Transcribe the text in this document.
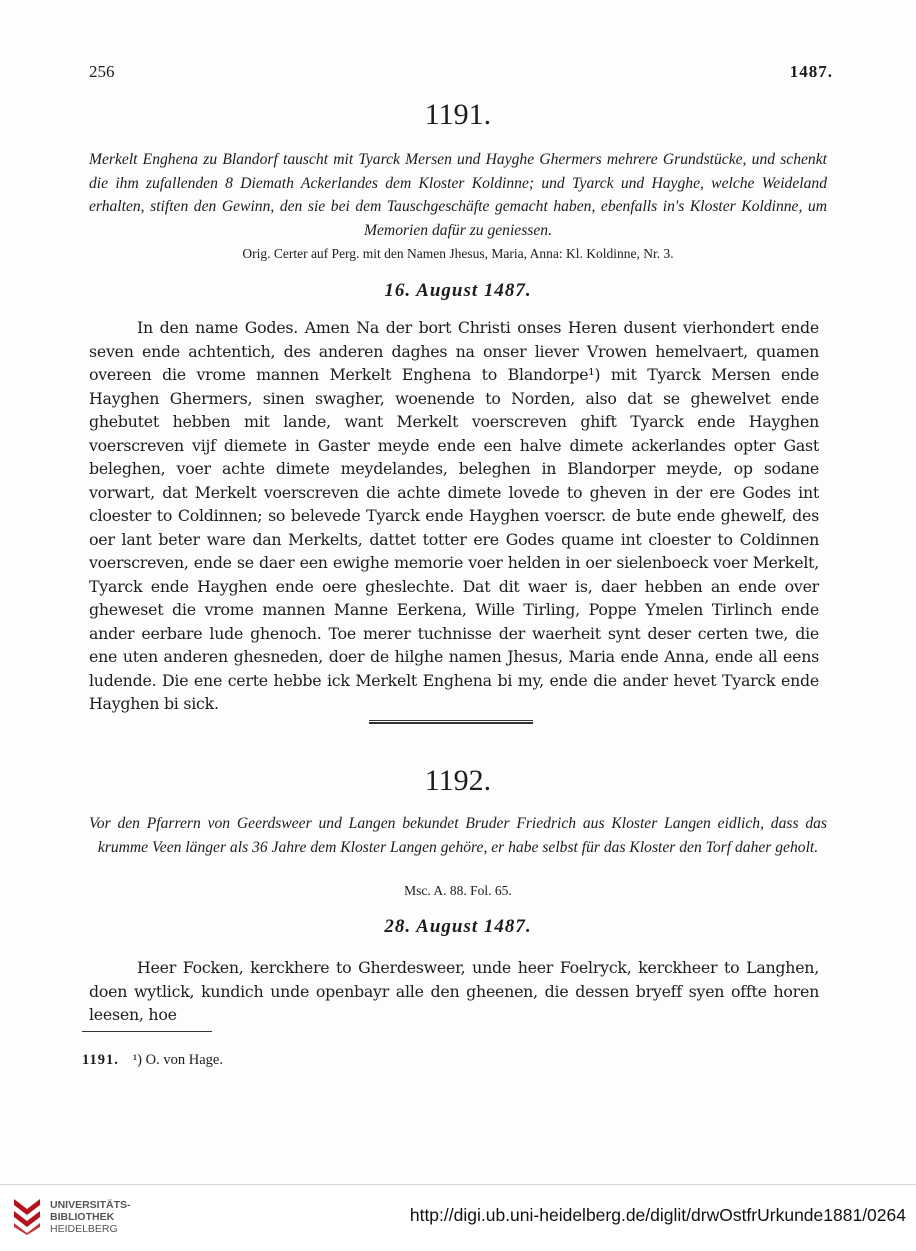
256	1487.
1191.
Merkelt Enghena zu Blandorf tauscht mit Tyarck Mersen und Hayghe Ghermers mehrere Grundstücke, und schenkt die ihm zufallenden 8 Diemath Ackerlandes dem Kloster Koldinne; und Tyarck und Hayghe, welche Weideland erhalten, stiften den Gewinn, den sie bei dem Tauschgeschäfte gemacht haben, ebenfalls in's Kloster Koldinne, um Memorien dafür zu geniessen.
Orig. Certer auf Perg. mit den Namen Jhesus, Maria, Anna: Kl. Koldinne, Nr. 3.
16. August 1487.

In den name Godes. Amen Na der bort Christi onses Heren dusent vierhondert ende seven ende achtentich, des anderen daghes na onser liever Vrowen hemelvaert, quamen overeen die vrome mannen Merkelt Enghena to Blandorpe¹) mit Tyarck Mersen ende Hayghen Ghermers, sinen swagher, woenende to Norden, also dat se ghewelvet ende ghebutet hebben mit lande, want Merkelt voerscreven ghift Tyarck ende Hayghen voerscreven vijf diemete in Gaster meyde ende een halve dimete ackerlandes opter Gast beleghen, voer achte dimete meydelandes, beleghen in Blandorper meyde, op sodane vorwart, dat Merkelt voerscreven die achte dimete lovede to gheven in der ere Godes int cloester to Coldinnen; so belevede Tyarck ende Hayghen voerscr. de bute ende ghewelf, des oer lant beter ware dan Merkelts, dattet totter ere Godes quame int cloester to Coldinnen voerscreven, ende se daer een ewighe memorie voer helden in oer sielenboeck voer Merkelt, Tyarck ende Hayghen ende oere gheslechte. Dat dit waer is, daer hebben an ende over gheweset die vrome mannen Manne Eerkena, Wille Tirling, Poppe Ymelen Tirlinch ende ander eerbare lude ghenoch. Toe merer tuchnisse der waerheit synt deser certen twe, die ene uten anderen ghesneden, doer de hilghe namen Jhesus, Maria ende Anna, ende all eens ludende. Die ene certe hebbe ick Merkelt Enghena bi my, ende die ander hevet Tyarck ende Hayghen bi sick.

1192.
Vor den Pfarrern von Geerdsweer und Langen bekundet Bruder Friedrich aus Kloster Langen eidlich, dass das krumme Veen länger als 36 Jahre dem Kloster Langen gehöre, er habe selbst für das Kloster den Torf daher geholt.
Msc. A. 88. Fol. 65.
28. August 1487.

Heer Focken, kerckhere to Gherdesweer, unde heer Foelryck, kerckheer to Langhen, doen wytlick, kundich unde openbayr alle den gheenen, die dessen bryeff syen offte horen leesen, hoe

1191. ¹) O. von Hage.
UNIVERSITÄTS-
BIBLIOTHEK
HEIDELBERG
http://digi.ub.uni-heidelberg.de/diglit/drwOstfrUrkunde1881/0264
